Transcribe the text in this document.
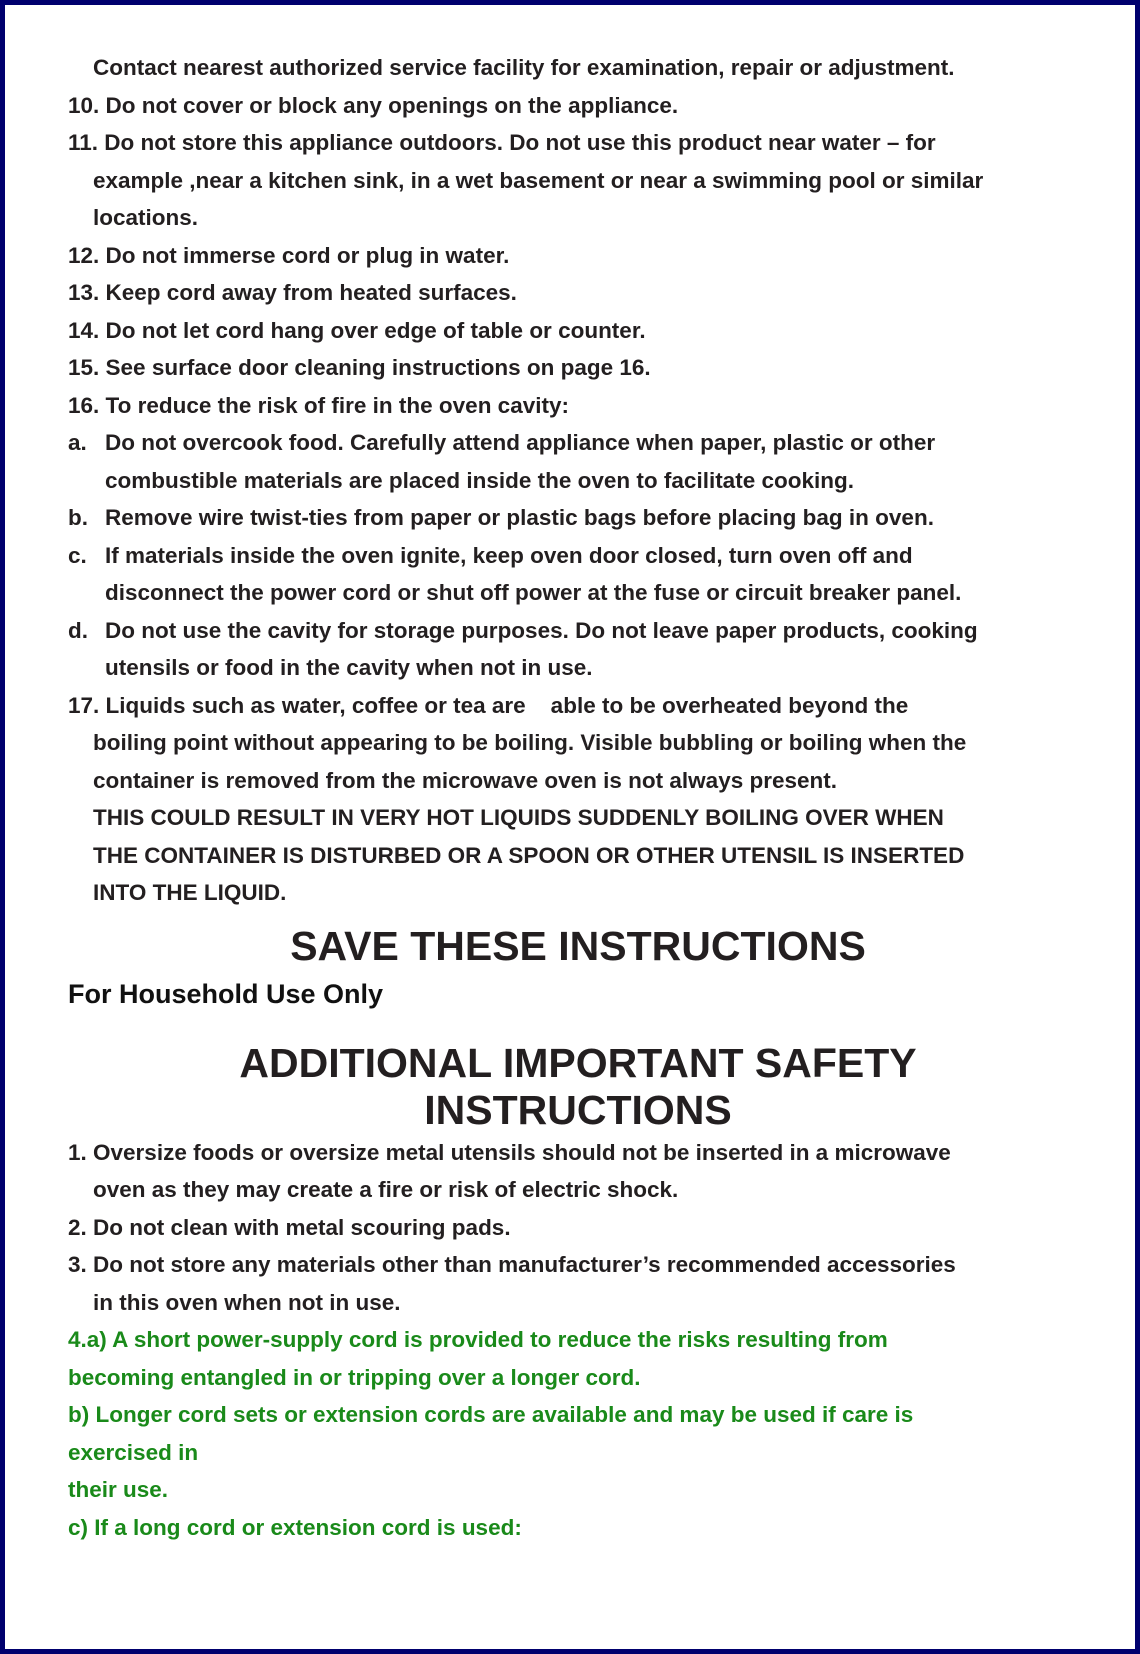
Contact nearest authorized service facility for examination, repair or adjustment.
10. Do not cover or block any openings on the appliance.
11. Do not store this appliance outdoors. Do not use this product near water – for
example ,near a kitchen sink, in a wet basement or near a swimming pool or similar
locations.
12. Do not immerse cord or plug in water.
13. Keep cord away from heated surfaces.
14. Do not let cord hang over edge of table or counter.
15. See surface door cleaning instructions on page 16.
16. To reduce the risk of fire in the oven cavity:
a. Do not overcook food. Carefully attend appliance when paper, plastic or other
combustible materials are placed inside the oven to facilitate cooking.
b. Remove wire twist-ties from paper or plastic bags before placing bag in oven.
c. If materials inside the oven ignite, keep oven door closed, turn oven off and
disconnect the power cord or shut off power at the fuse or circuit breaker panel.
d. Do not use the cavity for storage purposes. Do not leave paper products, cooking
utensils or food in the cavity when not in use.
17. Liquids such as water, coffee or tea are    able to be overheated beyond the
boiling point without appearing to be boiling. Visible bubbling or boiling when the
container is removed from the microwave oven is not always present.
THIS COULD RESULT IN VERY HOT LIQUIDS SUDDENLY BOILING OVER WHEN
THE CONTAINER IS DISTURBED OR A SPOON OR OTHER UTENSIL IS INSERTED
INTO THE LIQUID.
SAVE THESE INSTRUCTIONS
For Household Use Only
ADDITIONAL IMPORTANT SAFETY
INSTRUCTIONS
1. Oversize foods or oversize metal utensils should not be inserted in a microwave
oven as they may create a fire or risk of electric shock.
2. Do not clean with metal scouring pads.
3. Do not store any materials other than manufacturer’s recommended accessories
in this oven when not in use.
4.a) A short power-supply cord is provided to reduce the risks resulting from
becoming entangled in or tripping over a longer cord.
b) Longer cord sets or extension cords are available and may be used if care is
exercised in
their use.
c) If a long cord or extension cord is used:
